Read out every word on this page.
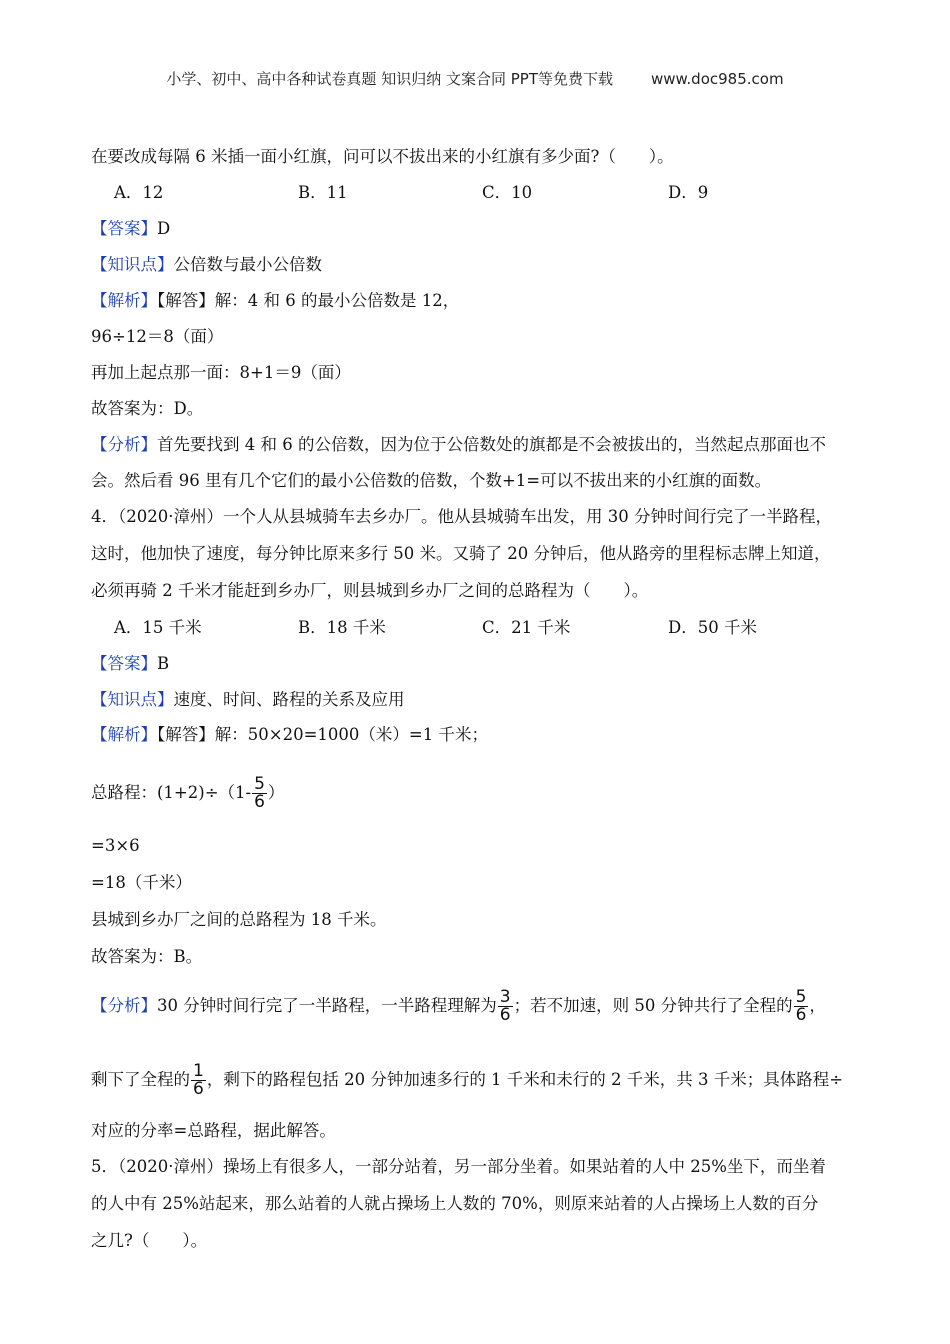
小学、初中、高中各种试卷真题 知识归纳 文案合同 PPT等免费下载	www.doc985.com
在要改成每隔 6 米插一面小红旗，问可以不拔出来的小红旗有多少面?（　　）。
A．12	B．11	C．10	D．9
【答案】D
【知识点】公倍数与最小公倍数
【解析】【解答】解：4 和 6 的最小公倍数是 12，
96÷12＝8（面）
再加上起点那一面：8+1＝9（面）
故答案为：D。
【分析】首先要找到 4 和 6 的公倍数，因为位于公倍数处的旗都是不会被拔出的，当然起点那面也不
会。然后看 96 里有几个它们的最小公倍数的倍数，个数+1=可以不拔出来的小红旗的面数。
4．（2020·漳州）一个人从县城骑车去乡办厂。他从县城骑车出发，用 30 分钟时间行完了一半路程，
这时，他加快了速度，每分钟比原来多行 50 米。又骑了 20 分钟后，他从路旁的里程标志牌上知道，
必须再骑 2 千米才能赶到乡办厂，则县城到乡办厂之间的总路程为（　　）。
A．15 千米	B．18 千米	C．21 千米	D．50 千米
【答案】B
【知识点】速度、时间、路程的关系及应用
【解析】【解答】解：50×20=1000（米）=1 千米；
总路程：$(1+2)\div(1- \frac{5}{6}$ ）
=3×6
=18（千米）
县城到乡办厂之间的总路程为 18 千米。
故答案为：B。
【分析】30 分钟时间行完了一半路程，一半路程理解为 $\frac{3}{6}$ ；若不加速，则 50 分钟共行了全程的 $\frac{5}{6}$ ，
剩下了全程的 $\frac{1}{6}$ ，剩下的路程包括 20 分钟加速多行的 1 千米和未行的 2 千米，共 3 千米；具体路程÷
对应的分率=总路程，据此解答。
5．（2020·漳州）操场上有很多人，一部分站着，另一部分坐着。如果站着的人中 25%坐下，而坐着
的人中有 25%站起来，那么站着的人就占操场上人数的 70%，则原来站着的人占操场上人数的百分
之几?（　　）。
